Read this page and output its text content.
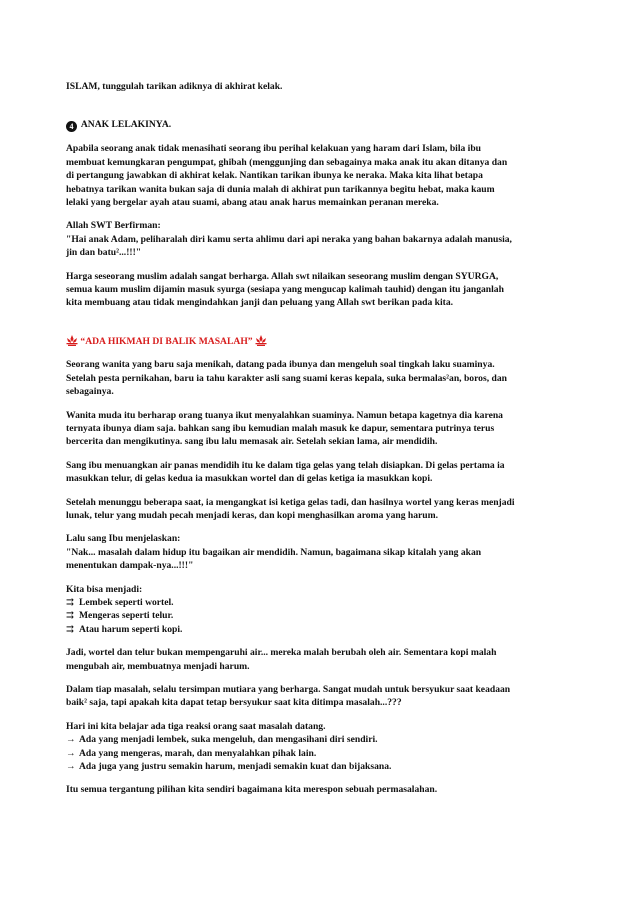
ISLAM, tunggulah tarikan adiknya di akhirat kelak.
4 ANAK LELAKINYA.
Apabila seorang anak tidak menasihati seorang ibu perihal kelakuan yang haram dari Islam, bila ibu
membuat kemungkaran pengumpat, ghibah (menggunjing dan sebagainya maka anak itu akan ditanya dan
di pertangung jawabkan di akhirat kelak. Nantikan tarikan ibunya ke neraka. Maka kita lihat betapa
hebatnya tarikan wanita bukan saja di dunia malah di akhirat pun tarikannya begitu hebat, maka kaum
lelaki yang bergelar ayah atau suami, abang atau anak harus memainkan peranan mereka.
Allah SWT Berfirman:
"Hai anak Adam, peliharalah diri kamu serta ahlimu dari api neraka yang bahan bakarnya adalah manusia,
jin dan batu²...!!!"
Harga seseorang muslim adalah sangat berharga. Allah swt nilaikan seseorang muslim dengan SYURGA,
semua kaum muslim dijamin masuk syurga (sesiapa yang mengucap kalimah tauhid) dengan itu janganlah
kita membuang atau tidak mengindahkan janji dan peluang yang Allah swt berikan pada kita.
“ADA HIKMAH DI BALIK MASALAH”
Seorang wanita yang baru saja menikah, datang pada ibunya dan mengeluh soal tingkah laku suaminya.
Setelah pesta pernikahan, baru ia tahu karakter asli sang suami keras kepala, suka bermalas²an, boros, dan
sebagainya.
Wanita muda itu berharap orang tuanya ikut menyalahkan suaminya. Namun betapa kagetnya dia karena
ternyata ibunya diam saja. bahkan sang ibu kemudian malah masuk ke dapur, sementara putrinya terus
bercerita dan mengikutinya. sang ibu lalu memasak air. Setelah sekian lama, air mendidih.
Sang ibu menuangkan air panas mendidih itu ke dalam tiga gelas yang telah disiapkan. Di gelas pertama ia
masukkan telur, di gelas kedua ia masukkan wortel dan di gelas ketiga ia masukkan kopi.
Setelah menunggu beberapa saat, ia mengangkat isi ketiga gelas tadi, dan hasilnya wortel yang keras menjadi
lunak, telur yang mudah pecah menjadi keras, dan kopi menghasilkan aroma yang harum.
Lalu sang Ibu menjelaskan:
"Nak... masalah dalam hidup itu bagaikan air mendidih. Namun, bagaimana sikap kitalah yang akan
menentukan dampak-nya...!!!"
Kita bisa menjadi:
⇉ Lembek seperti wortel.
⇉ Mengeras seperti telur.
⇉ Atau harum seperti kopi.
Jadi, wortel dan telur bukan mempengaruhi air... mereka malah berubah oleh air. Sementara kopi malah
mengubah air, membuatnya menjadi harum.
Dalam tiap masalah, selalu tersimpan mutiara yang berharga. Sangat mudah untuk bersyukur saat keadaan
baik² saja, tapi apakah kita dapat tetap bersyukur saat kita ditimpa masalah...???
Hari ini kita belajar ada tiga reaksi orang saat masalah datang.
→ Ada yang menjadi lembek, suka mengeluh, dan mengasihani diri sendiri.
→ Ada yang mengeras, marah, dan menyalahkan pihak lain.
→ Ada juga yang justru semakin harum, menjadi semakin kuat dan bijaksana.
Itu semua tergantung pilihan kita sendiri bagaimana kita merespon sebuah permasalahan.
